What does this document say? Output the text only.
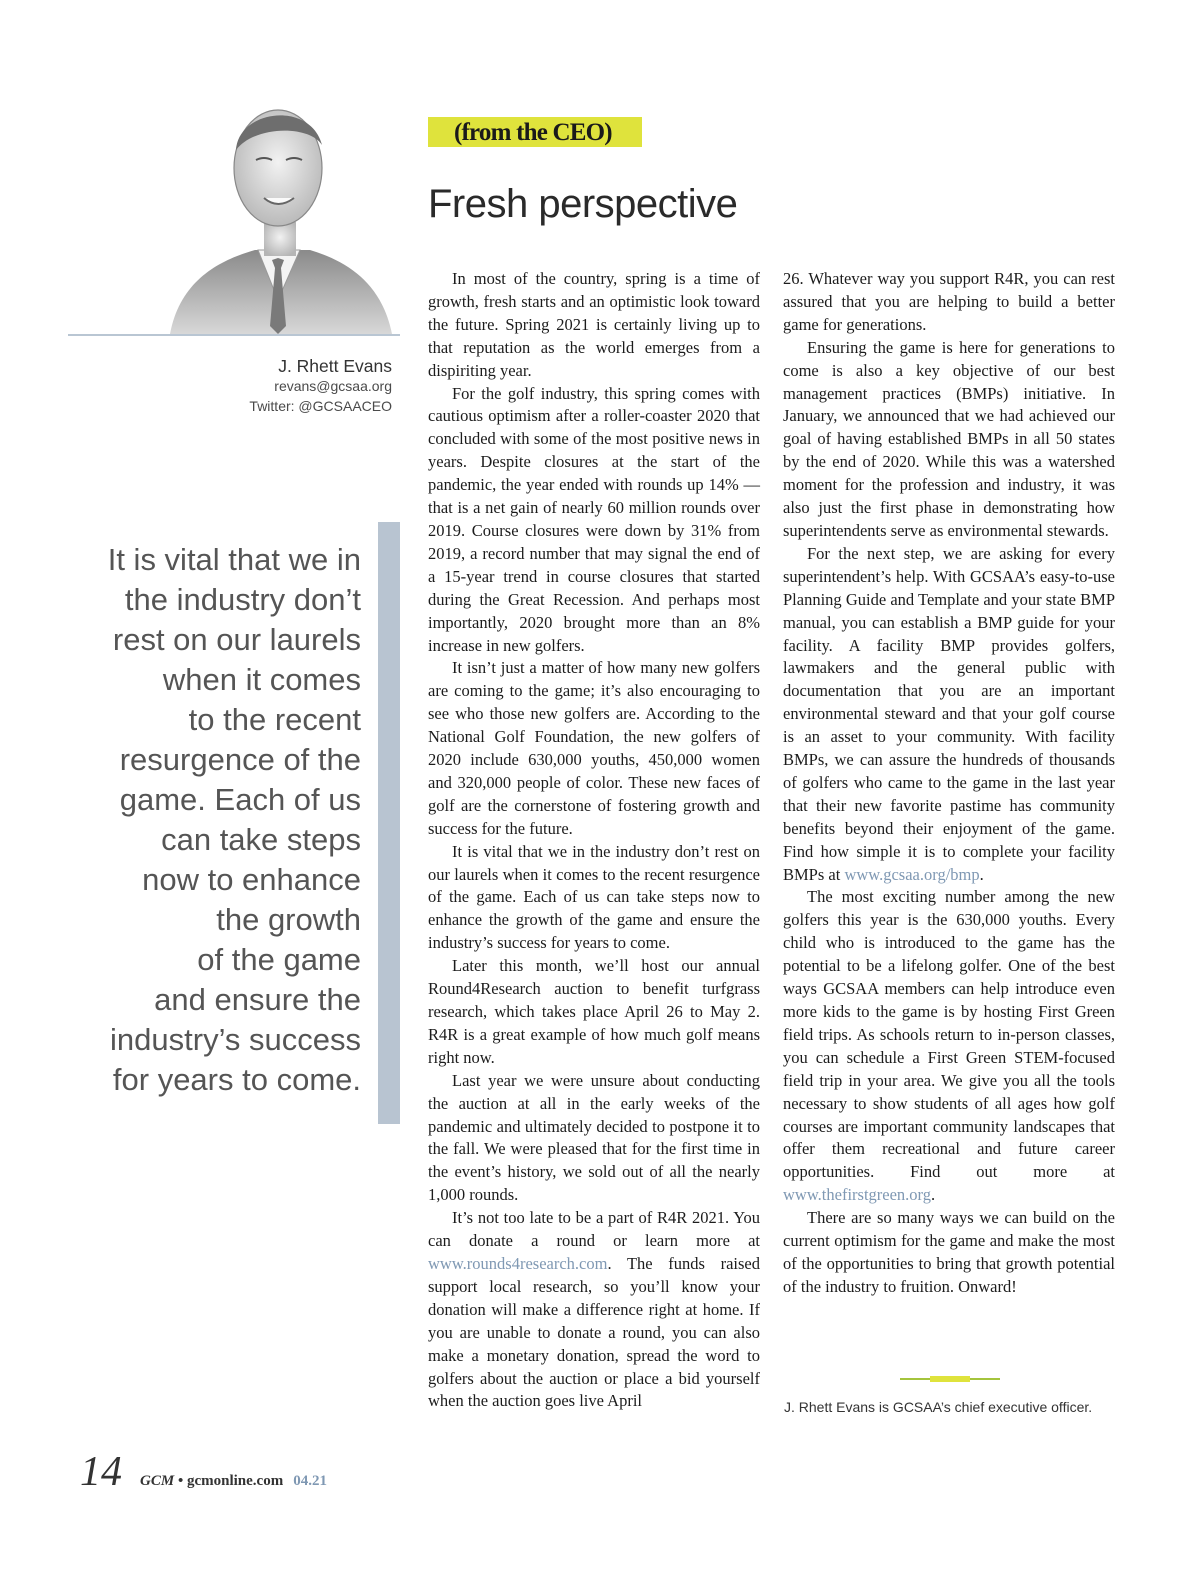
J. Rhett Evans
revans@gcsaa.org
Twitter: @GCSAACEO

It is vital that we in
the industry don’t
rest on our laurels
when it comes
to the recent
resurgence of the
game. Each of us
can take steps
now to enhance
the growth
of the game
and ensure the
industry’s success
for years to come.

(from the CEO)
Fresh perspective

In most of the country, spring is a time of growth, fresh starts and an optimistic look toward the future. Spring 2021 is certainly living up to that reputation as the world emerges from a dispiriting year.

For the golf industry, this spring comes with cautious optimism after a roller-coaster 2020 that concluded with some of the most positive news in years. Despite closures at the start of the pandemic, the year ended with rounds up 14% — that is a net gain of nearly 60 million rounds over 2019. Course closures were down by 31% from 2019, a record number that may signal the end of a 15-year trend in course closures that started during the Great Recession. And perhaps most importantly, 2020 brought more than an 8% increase in new golfers.

It isn’t just a matter of how many new golfers are coming to the game; it’s also encouraging to see who those new golfers are. According to the National Golf Foundation, the new golfers of 2020 include 630,000 youths, 450,000 women and 320,000 people of color. These new faces of golf are the cornerstone of fostering growth and success for the future.

It is vital that we in the industry don’t rest on our laurels when it comes to the recent resurgence of the game. Each of us can take steps now to enhance the growth of the game and ensure the industry’s success for years to come.

Later this month, we’ll host our annual Round4Research auction to benefit turfgrass research, which takes place April 26 to May 2. R4R is a great example of how much golf means right now.

Last year we were unsure about conducting the auction at all in the early weeks of the pandemic and ultimately decided to postpone it to the fall. We were pleased that for the first time in the event’s history, we sold out of all the nearly 1,000 rounds.

It’s not too late to be a part of R4R 2021. You can donate a round or learn more at www.rounds4research.com. The funds raised support local research, so you’ll know your donation will make a difference right at home. If you are unable to donate a round, you can also make a monetary donation, spread the word to golfers about the auction or place a bid yourself when the auction goes live April

26. Whatever way you support R4R, you can rest assured that you are helping to build a better game for generations.

Ensuring the game is here for generations to come is also a key objective of our best management practices (BMPs) initiative. In January, we announced that we had achieved our goal of having established BMPs in all 50 states by the end of 2020. While this was a watershed moment for the profession and industry, it was also just the first phase in demonstrating how superintendents serve as environmental stewards.

For the next step, we are asking for every superintendent’s help. With GCSAA’s easy-to-use Planning Guide and Template and your state BMP manual, you can establish a BMP guide for your facility. A facility BMP provides golfers, lawmakers and the general public with documentation that you are an important environmental steward and that your golf course is an asset to your community. With facility BMPs, we can assure the hundreds of thousands of golfers who came to the game in the last year that their new favorite pastime has community benefits beyond their enjoyment of the game. Find how simple it is to complete your facility BMPs at www.gcsaa.org/bmp.

The most exciting number among the new golfers this year is the 630,000 youths. Every child who is introduced to the game has the potential to be a lifelong golfer. One of the best ways GCSAA members can help introduce even more kids to the game is by hosting First Green field trips. As schools return to in-person classes, you can schedule a First Green STEM-focused field trip in your area. We give you all the tools necessary to show students of all ages how golf courses are important community landscapes that offer them recreational and future career opportunities. Find out more at www.thefirstgreen.org.

There are so many ways we can build on the current optimism for the game and make the most of the opportunities to bring that growth potential of the industry to fruition. Onward!

J. Rhett Evans is GCSAA’s chief executive officer.
14 GCM • gcmonline.com 04.21
